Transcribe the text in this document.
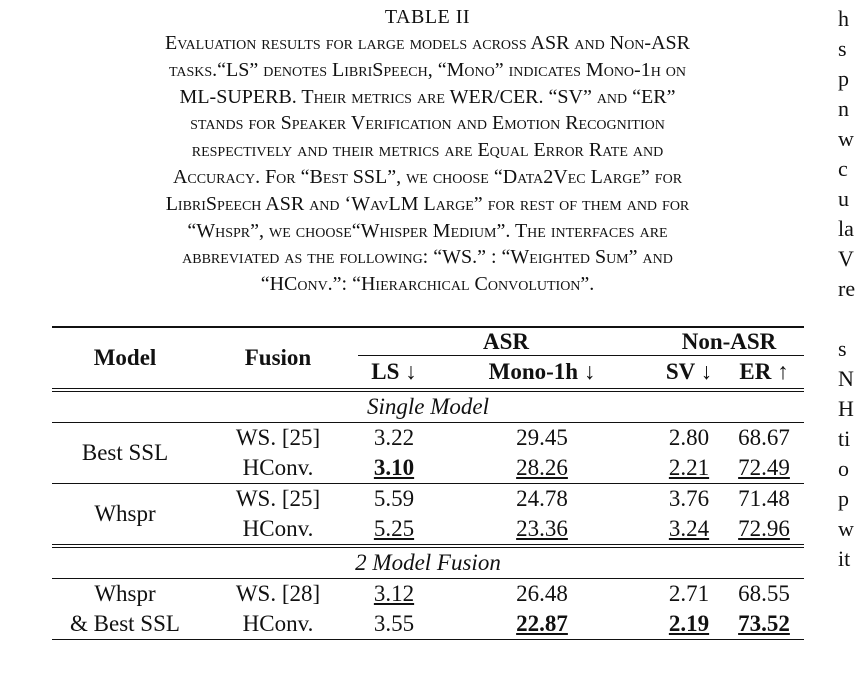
TABLE II
Evaluation results for large models across ASR and Non-ASR
tasks.“LS” denotes LibriSpeech, “Mono” indicates Mono-1h on
ML-SUPERB. Their metrics are WER/CER. “SV” and “ER”
stands for Speaker Verification and Emotion Recognition
respectively and their metrics are Equal Error Rate and
Accuracy. For “Best SSL”, we choose “Data2Vec Large” for
LibriSpeech ASR and ‘WavLM Large” for rest of them and for
“Whspr”, we choose“Whisper Medium”. The interfaces are
abbreviated as the following: “WS.” : “Weighted Sum” and
“HConv.”: “Hierarchical Convolution”.
Model	Fusion	ASR		Non-ASR	
		LS ↓	Mono-1h ↓	SV ↓	ER ↑
Single Model					
Best SSL	WS. [25]	3.22	29.45	2.80	68.67
	HConv.	3.10	28.26	2.21	72.49
Whspr	WS. [25]	5.59	24.78	3.76	71.48
	HConv.	5.25	23.36	3.24	72.96
2 Model Fusion					
Whspr	WS. [28]	3.12	26.48	2.71	68.55
& Best SSL	HConv.	3.55	22.87	2.19	73.52
h
s
p
n
w
c
u
la
V
re
s
N
H
ti
o
p
w
it
